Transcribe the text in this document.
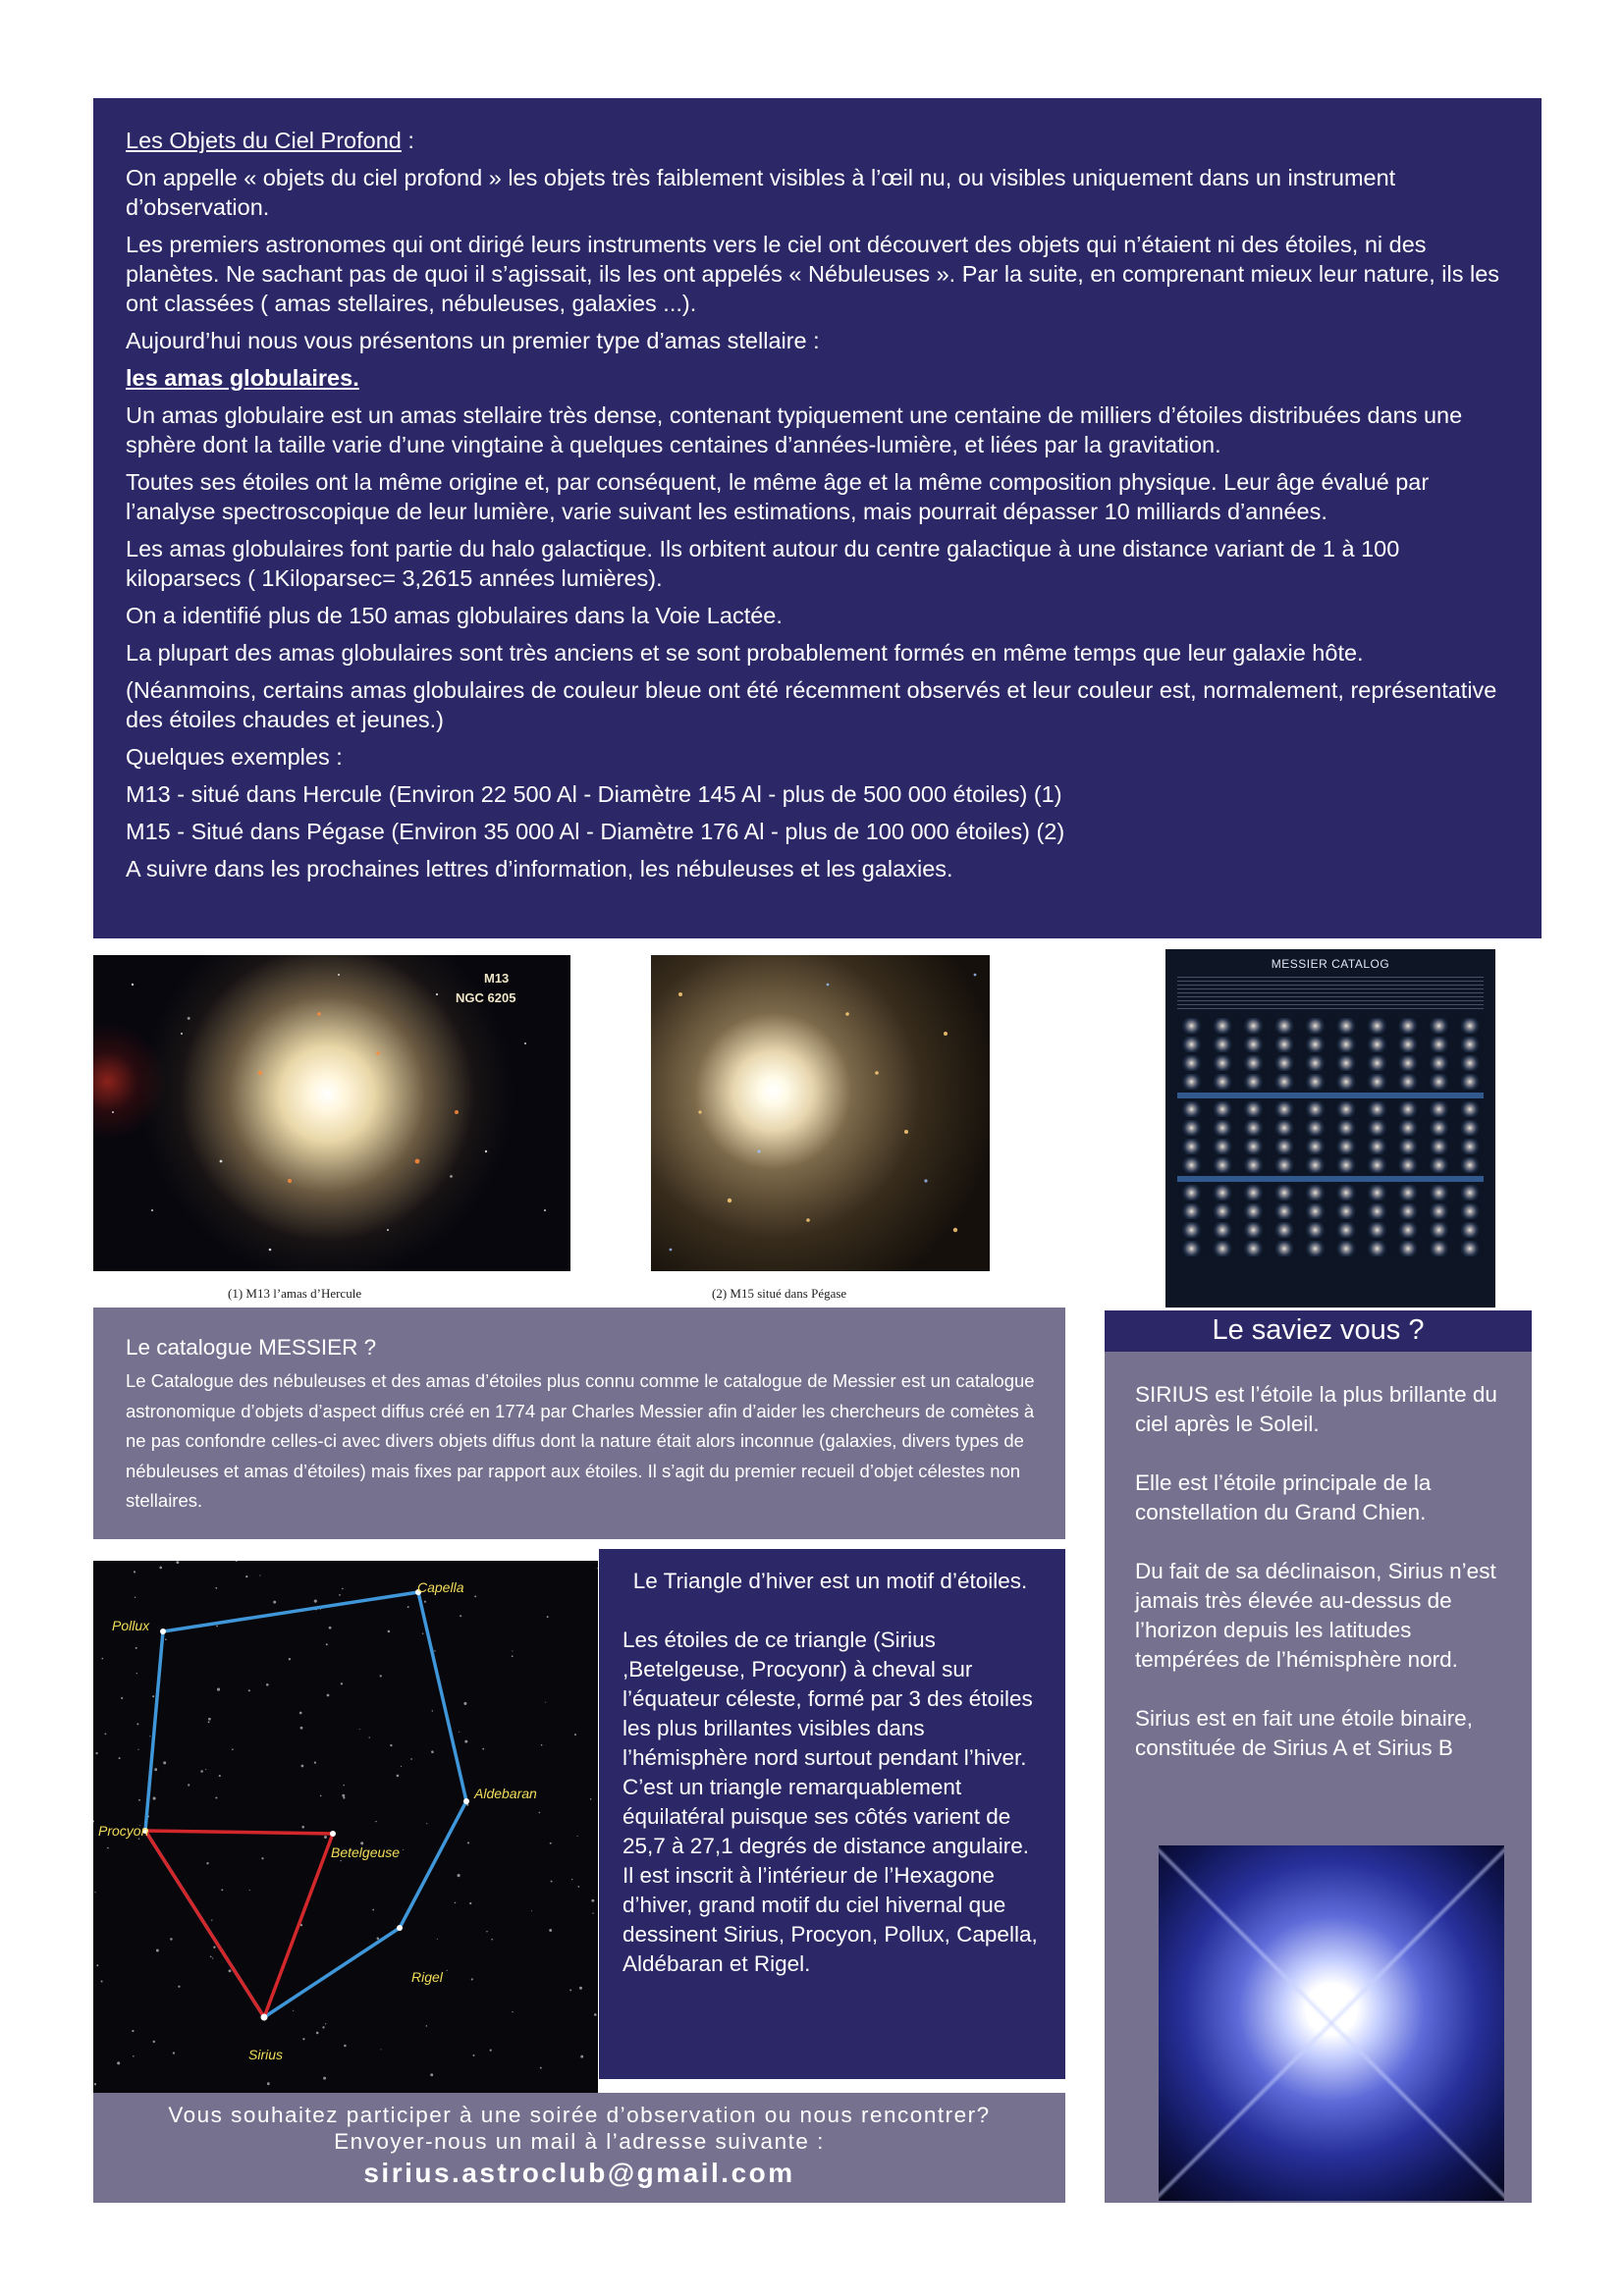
Les Objets du Ciel Profond :

On appelle « objets du ciel profond » les objets très faiblement visibles à l’œil nu, ou visibles uniquement dans un instrument d’observation.

Les premiers astronomes qui ont dirigé leurs instruments vers le ciel ont découvert des objets qui n’étaient ni des étoiles, ni des planètes. Ne sachant pas de quoi il s’agissait, ils les ont appelés « Nébuleuses ». Par la suite, en comprenant mieux leur nature, ils les ont classées ( amas stellaires, nébuleuses, galaxies ...).

Aujourd’hui nous vous présentons un premier type d’amas stellaire :

les amas globulaires.

Un amas globulaire est un amas stellaire très dense, contenant typiquement une centaine de milliers d’étoiles distribuées dans une sphère dont la taille varie d’une vingtaine à quelques centaines d’années-lumière, et liées par la gravitation.

Toutes ses étoiles ont la même origine et, par conséquent, le même âge et la même composition physique. Leur âge évalué par l’analyse spectroscopique de leur lumière, varie suivant les estimations, mais pourrait dépasser 10 milliards d’années.

Les amas globulaires font partie du halo galactique. Ils orbitent autour du centre galactique à une distance variant de 1 à 100 kiloparsecs ( 1Kiloparsec= 3,2615 années lumières).

On a identifié plus de 150 amas globulaires dans la Voie Lactée.

La plupart des amas globulaires sont très anciens et se sont probablement formés en même temps que leur galaxie hôte.

(Néanmoins, certains amas globulaires de couleur bleue ont été récemment observés et leur couleur est, normalement, représentative des étoiles chaudes et jeunes.)

Quelques exemples :

M13 - situé dans Hercule (Environ 22 500 Al - Diamètre 145 Al - plus de 500 000 étoiles) (1)

M15 - Situé dans Pégase (Environ 35 000 Al - Diamètre 176 Al - plus de 100 000 étoiles) (2)

A suivre dans les prochaines lettres d’information, les nébuleuses et les galaxies.

M13
NGC 6205
(1) M13 l’amas d’Hercule	(2) M15 situé dans Pégase
MESSIER CATALOG
Le catalogue MESSIER ?
Le Catalogue des nébuleuses et des amas d’étoiles plus connu comme le catalogue de Messier est un catalogue astronomique d’objets d’aspect diffus créé en 1774 par Charles Messier afin d’aider les chercheurs de comètes à ne pas confondre celles-ci avec divers objets diffus dont la nature était alors inconnue (galaxies, divers types de nébuleuses et amas d’étoiles) mais fixes par rapport aux étoiles. Il s’agit du premier recueil d’objet célestes non stellaires.
Capella
Pollux
Aldebaran
Procyon
Betelgeuse
Rigel
Sirius
Le Triangle d’hiver est un motif d’étoiles.
Les étoiles de ce triangle (Sirius ,Betelgeuse, Procyonr) à cheval sur l’équateur céleste, formé par 3 des étoiles les plus brillantes visibles dans l’hémisphère nord surtout pendant l’hiver.
C’est un triangle remarquablement équilatéral puisque ses côtés varient de 25,7 à 27,1 degrés de distance angulaire.
Il est inscrit à l’intérieur de l’Hexagone d’hiver, grand motif du ciel hivernal que dessinent Sirius, Procyon, Pollux, Capella, Aldébaran et Rigel.
Vous souhaitez participer à une soirée d’observation ou nous rencontrer?
Envoyer-nous un mail à l’adresse suivante :
sirius.astroclub@gmail.com
Le saviez vous ?

SIRIUS est l’étoile la plus brillante du ciel après le Soleil.

Elle est l’étoile principale de la constellation du Grand Chien.

Du fait de sa déclinaison, Sirius n’est jamais très élevée au-dessus de l’horizon depuis les latitudes tempérées de l’hémisphère nord.

Sirius est en fait une étoile binaire, constituée de Sirius A et Sirius B
